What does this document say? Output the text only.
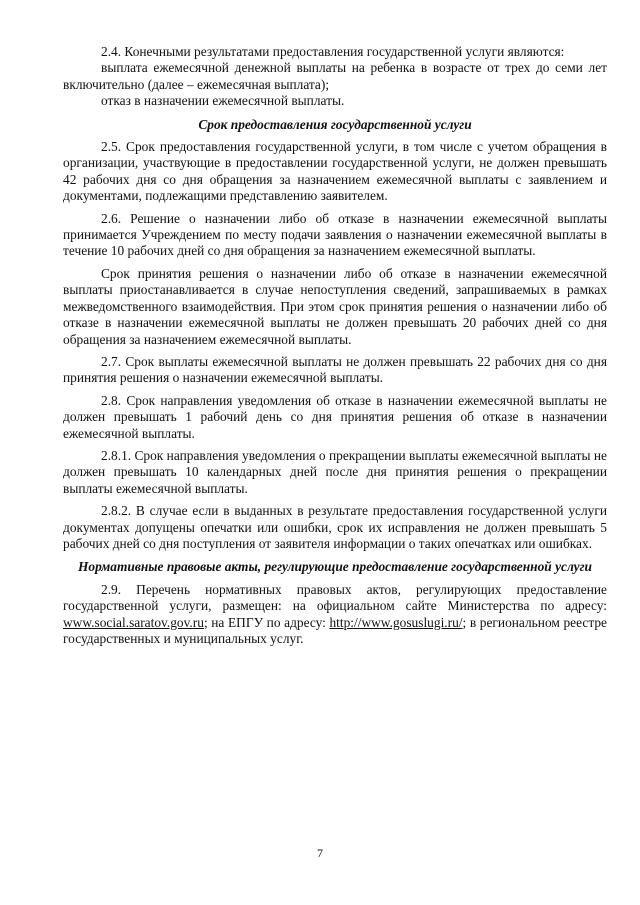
2.4. Конечными результатами предоставления государственной услуги являются:

выплата ежемесячной денежной выплаты на ребенка в возрасте от трех до семи лет включительно (далее – ежемесячная выплата);

отказ в назначении ежемесячной выплаты.

Срок предоставления государственной услуги

2.5. Срок предоставления государственной услуги, в том числе с учетом обращения в организации, участвующие в предоставлении государственной услуги, не должен превышать 42 рабочих дня со дня обращения за назначением ежемесячной выплаты с заявлением и документами, подлежащими представлению заявителем.

2.6. Решение о назначении либо об отказе в назначении ежемесячной выплаты принимается Учреждением по месту подачи заявления о назначении ежемесячной выплаты в течение 10 рабочих дней со дня обращения за назначением ежемесячной выплаты.

Срок принятия решения о назначении либо об отказе в назначении ежемесячной выплаты приостанавливается в случае непоступления сведений, запрашиваемых в рамках межведомственного взаимодействия. При этом срок принятия решения о назначении либо об отказе в назначении ежемесячной выплаты не должен превышать 20 рабочих дней со дня обращения за назначением ежемесячной выплаты.

2.7. Срок выплаты ежемесячной выплаты не должен превышать 22 рабочих дня со дня принятия решения о назначении ежемесячной выплаты.

2.8. Срок направления уведомления об отказе в назначении ежемесячной выплаты не должен превышать 1 рабочий день со дня принятия решения об отказе в назначении ежемесячной выплаты.

2.8.1. Срок направления уведомления о прекращении выплаты ежемесячной выплаты не должен превышать 10 календарных дней после дня принятия решения о прекращении выплаты ежемесячной выплаты.

2.8.2. В случае если в выданных в результате предоставления государственной услуги документах допущены опечатки или ошибки, срок их исправления не должен превышать 5 рабочих дней со дня поступления от заявителя информации о таких опечатках или ошибках.

Нормативные правовые акты, регулирующие предоставление государственной услуги

2.9. Перечень нормативных правовых актов, регулирующих предоставление государственной услуги, размещен: на официальном сайте Министерства по адресу: www.social.saratov.gov.ru; на ЕПГУ по адресу: http://www.gosuslugi.ru/; в региональном реестре государственных и муниципальных услуг.

7
